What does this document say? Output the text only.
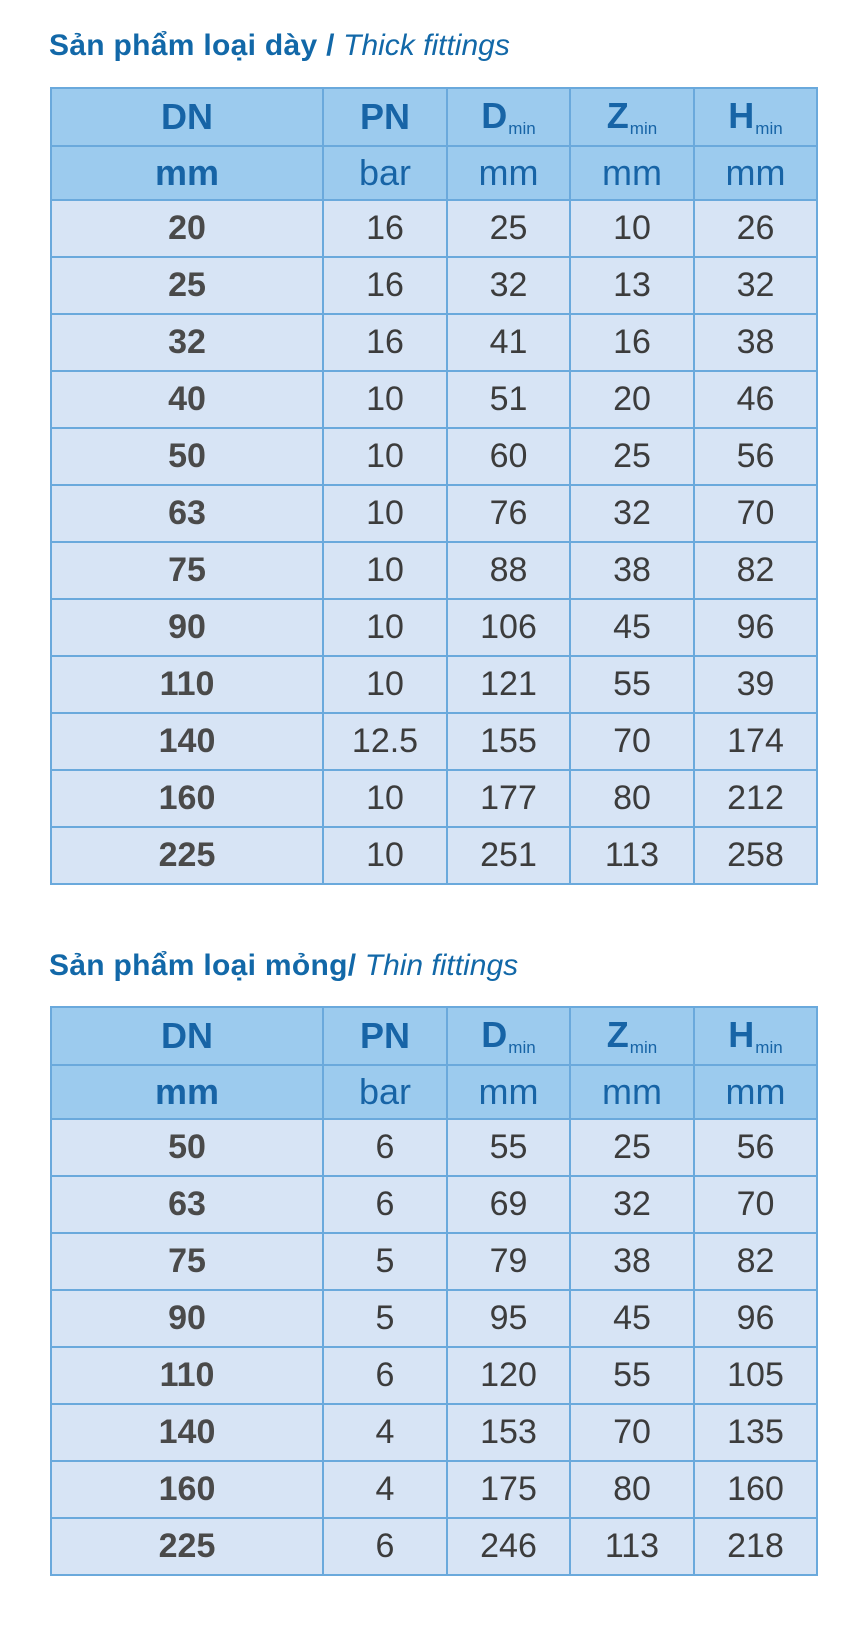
Sản phẩm loại dày / Thick fittings
DN	PN	$D_{min}$	$Z_{min}$	$H_{min}$
mm	bar	mm	mm	mm
20	16	25	10	26
25	16	32	13	32
32	16	41	16	38
40	10	51	20	46
50	10	60	25	56
63	10	76	32	70
75	10	88	38	82
90	10	106	45	96
110	10	121	55	39
140	12.5	155	70	174
160	10	177	80	212
225	10	251	113	258
Sản phẩm loại mỏng/ Thin fittings
DN	PN	$D_{min}$	$Z_{min}$	$H_{min}$
mm	bar	mm	mm	mm
50	6	55	25	56
63	6	69	32	70
75	5	79	38	82
90	5	95	45	96
110	6	120	55	105
140	4	153	70	135
160	4	175	80	160
225	6	246	113	218
